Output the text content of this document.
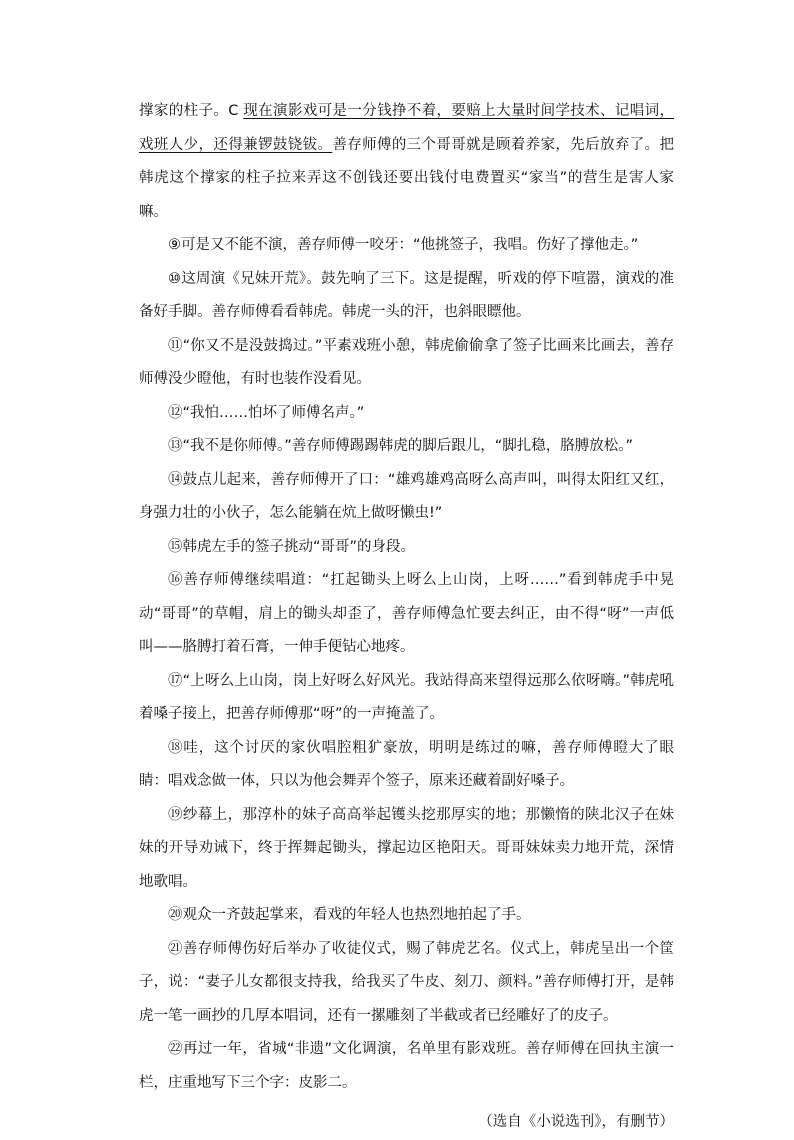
撑家的柱子。C 现在演影戏可是一分钱挣不着，要赔上大量时间学技术、记唱词，戏班人少，还得兼锣鼓铙钹。善存师傅的三个哥哥就是顾着养家，先后放弃了。把韩虎这个撑家的柱子拉来弄这不创钱还要出钱付电费置买“家当”的营生是害人家嘛。

⑨可是又不能不演，善存师傅一咬牙：“他挑签子，我唱。伤好了撑他走。”

⑩这周演《兄妹开荒》。鼓先响了三下。这是提醒，听戏的停下喧嚣，演戏的准备好手脚。善存师傅看看韩虎。韩虎一头的汗，也斜眼瞟他。

⑪“你又不是没鼓捣过。”平素戏班小憩，韩虎偷偷拿了签子比画来比画去，善存师傅没少瞪他，有时也装作没看见。

⑫“我怕……怕坏了师傅名声。”

⑬“我不是你师傅。”善存师傅踢踢韩虎的脚后跟儿，“脚扎稳，胳膊放松。”

⑭鼓点儿起来，善存师傅开了口：“雄鸡雄鸡高呀么高声叫，叫得太阳红又红，身强力壮的小伙子，怎么能躺在炕上做呀懒虫!”

⑮韩虎左手的签子挑动“哥哥”的身段。

⑯善存师傅继续唱道：“扛起锄头上呀么上山岗，上呀……”看到韩虎手中晃动“哥哥”的草帽，肩上的锄头却歪了，善存师傅急忙要去纠正，由不得“呀”一声低叫——胳膊打着石膏，一伸手便钻心地疼。

⑰“上呀么上山岗，岗上好呀么好风光。我站得高来望得远那么依呀嗨。”韩虎吼着嗓子接上，把善存师傅那“呀”的一声掩盖了。

⑱哇，这个讨厌的家伙唱腔粗犷豪放，明明是练过的嘛，善存师傅瞪大了眼睛：唱戏念做一体，只以为他会舞弄个签子，原来还藏着副好嗓子。

⑲纱幕上，那淳朴的妹子高高举起镬头挖那厚实的地；那懒惰的陕北汉子在妹妹的开导劝诫下，终于挥舞起锄头，撑起边区艳阳天。哥哥妹妹卖力地开荒，深情地歌唱。

⑳观众一齐鼓起掌来，看戏的年轻人也热烈地拍起了手。

㉑善存师傅伤好后举办了收徒仪式，赐了韩虎艺名。仪式上，韩虎呈出一个筐子，说：“妻子儿女都很支持我，给我买了牛皮、刻刀、颜料。”善存师傅打开，是韩虎一笔一画抄的几厚本唱词，还有一摞雕刻了半截或者已经雕好了的皮子。

㉒再过一年，省城“非遗”文化调演，名单里有影戏班。善存师傅在回执主演一栏，庄重地写下三个字：皮影二。

（选自《小说选刊》，有删节）
